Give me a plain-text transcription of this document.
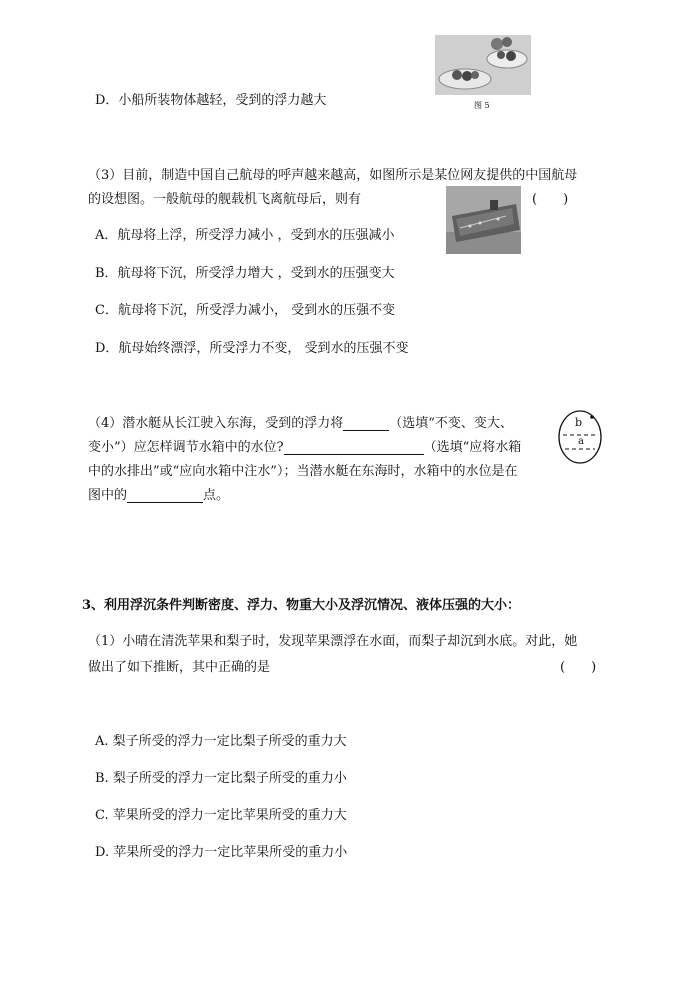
图 5
D．小船所装物体越轻，受到的浮力越大
（3）目前，制造中国自己航母的呼声越来越高，如图所示是某位网友提供的中国航母
的设想图。一般航母的舰载机飞离航母后，则有	(　　)
A．航母将上浮，所受浮力减小 ，受到水的压强减小
B．航母将下沉，所受浮力增大 ，受到水的压强变大
C．航母将下沉，所受浮力减小， 受到水的压强不变
D．航母始终漂浮，所受浮力不变， 受到水的压强不变
（4）潜水艇从长江驶入东海，受到的浮力将	（选填“不变、变大、
变小”）应怎样调节水箱中的水位?	（选填“应将水箱
中的水排出”或“应向水箱中注水”）；当潜水艇在东海时，水箱中的水位是在
图中的	点。
b
a
3、利用浮沉条件判断密度、浮力、物重大小及浮沉情况、液体压强的大小：
（1）小晴在清洗苹果和梨子时，发现苹果漂浮在水面，而梨子却沉到水底。对此，她
做出了如下推断，其中正确的是	(　　)
A. 梨子所受的浮力一定比梨子所受的重力大
B. 梨子所受的浮力一定比梨子所受的重力小
C. 苹果所受的浮力一定比苹果所受的重力大
D. 苹果所受的浮力一定比苹果所受的重力小
